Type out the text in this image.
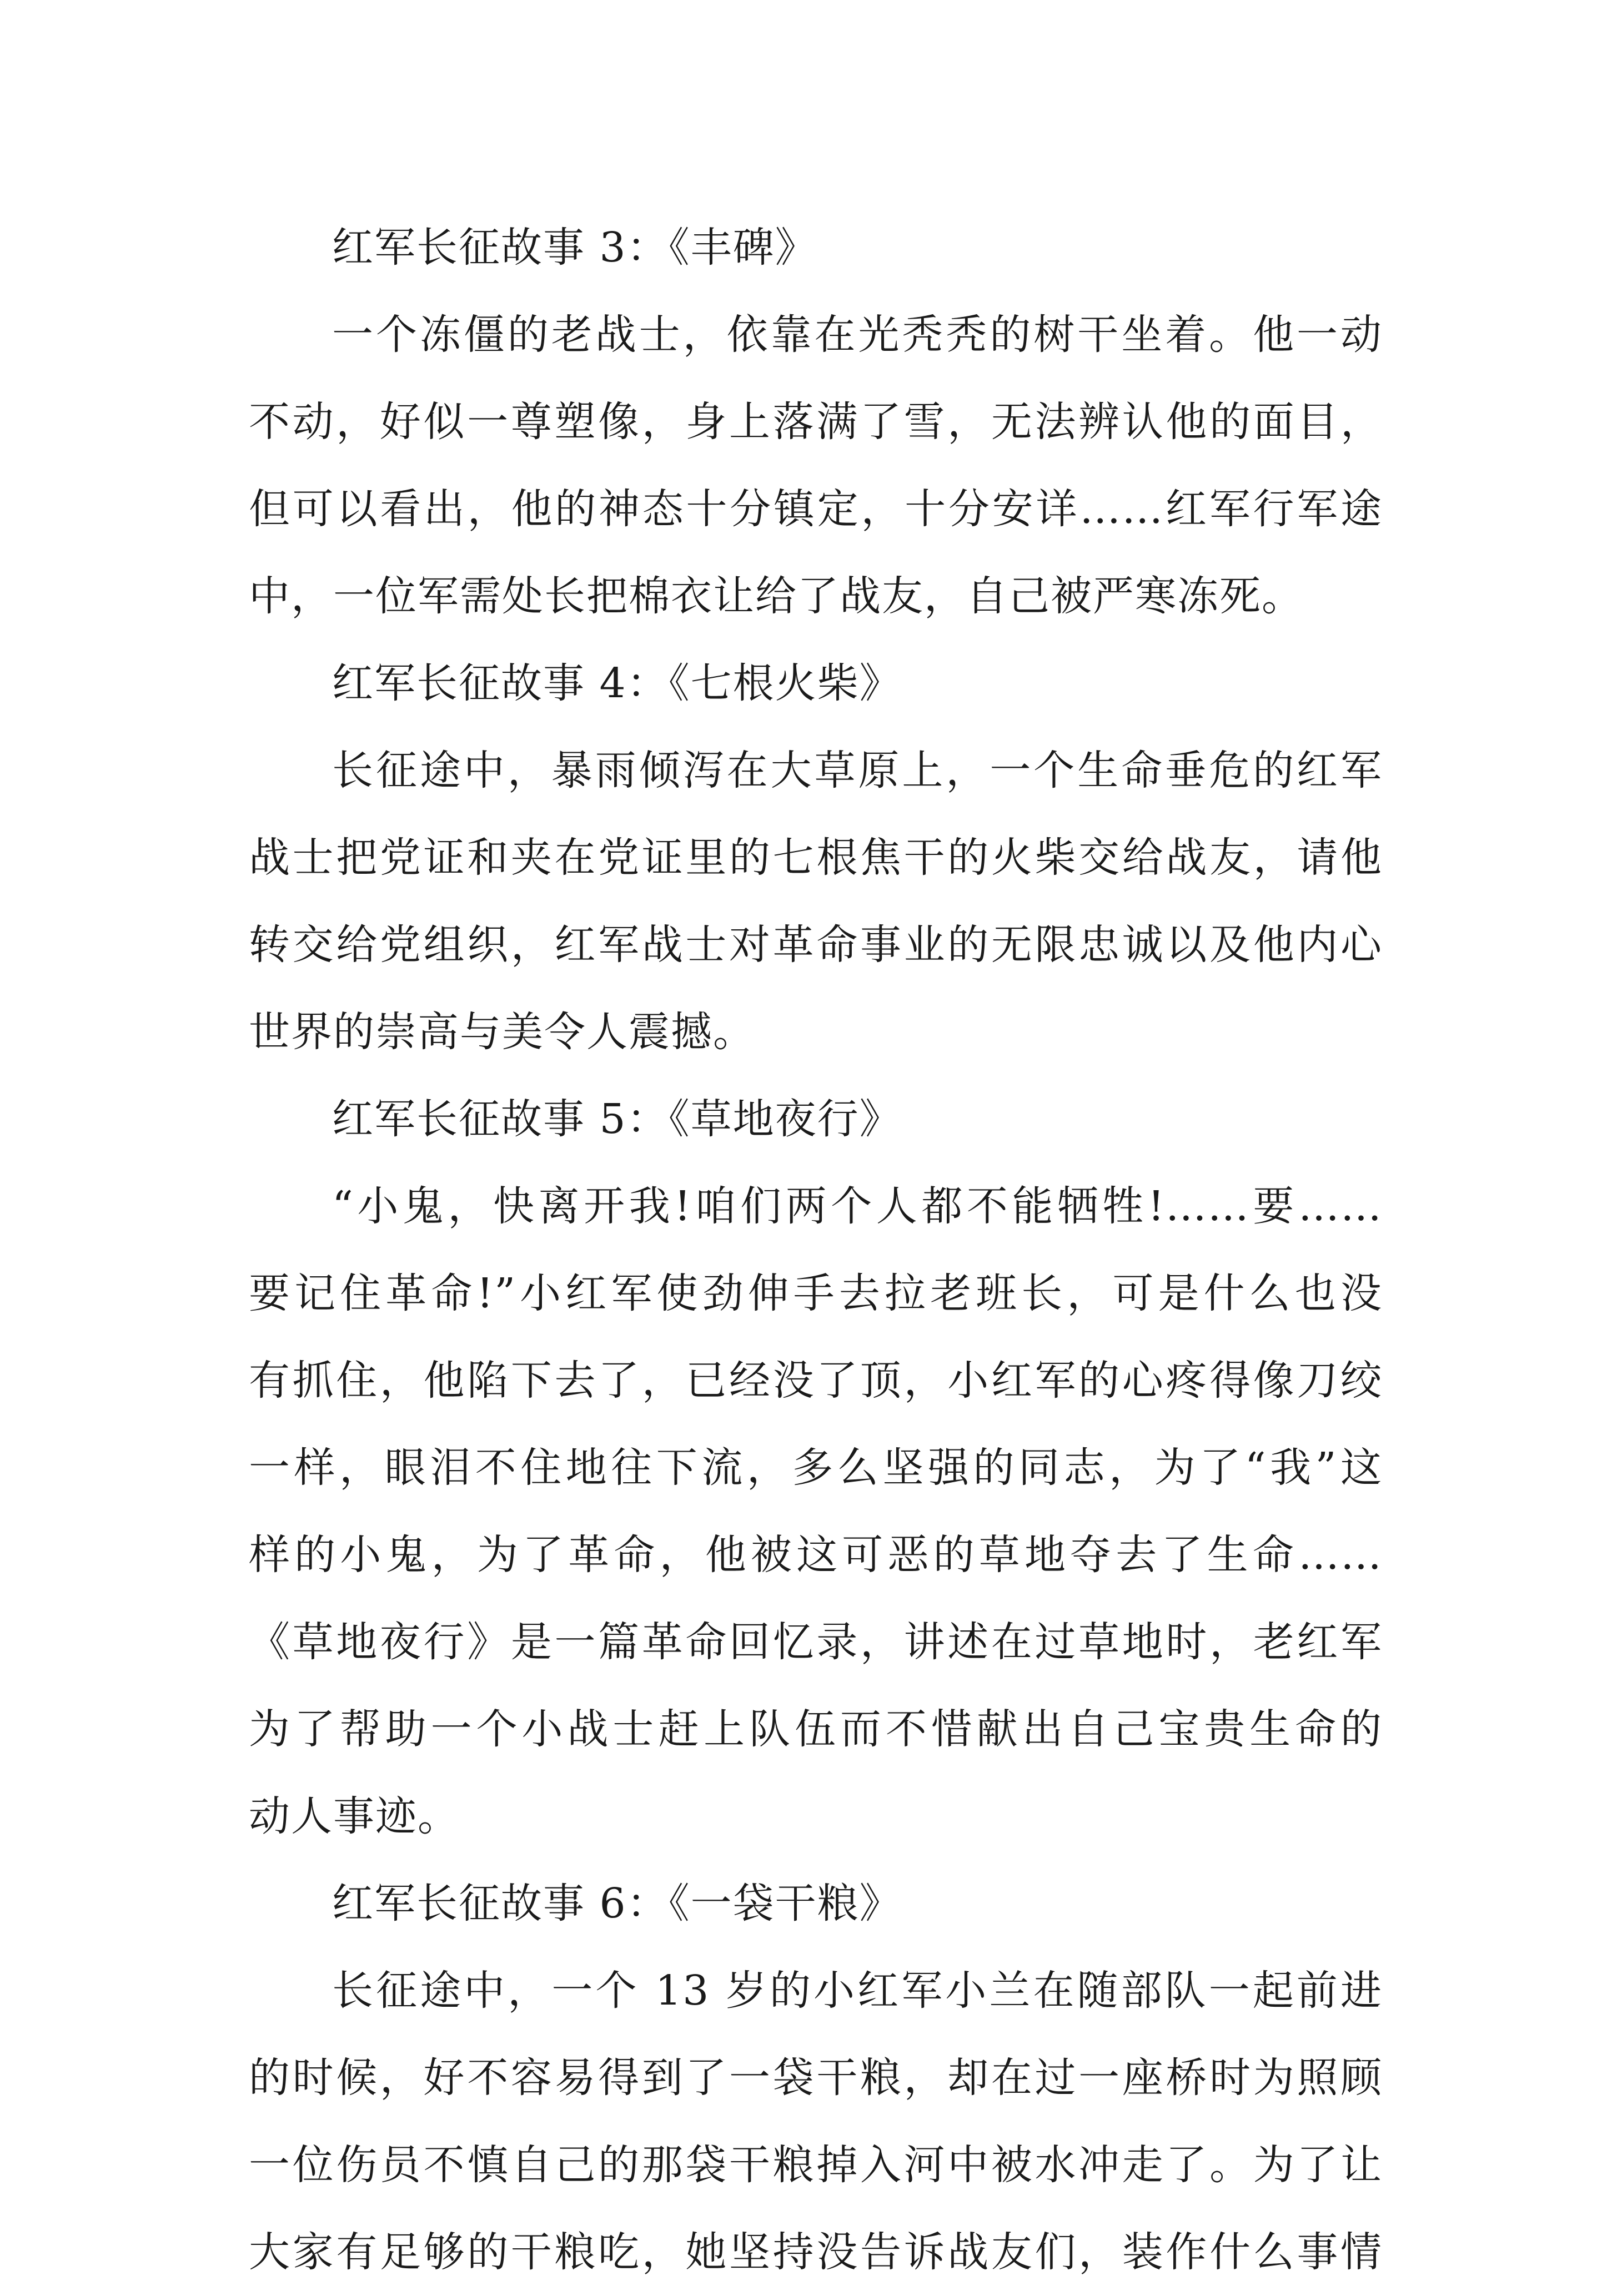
红军长征故事 3：《丰碑》
一个冻僵的老战士，依靠在光秃秃的树干坐着。他一动
不动，好似一尊塑像，身上落满了雪，无法辨认他的面目，
但可以看出，他的神态十分镇定，十分安详……红军行军途
中，一位军需处长把棉衣让给了战友，自己被严寒冻死。
红军长征故事 4：《七根火柴》
长征途中，暴雨倾泻在大草原上，一个生命垂危的红军
战士把党证和夹在党证里的七根焦干的火柴交给战友，请他
转交给党组织，红军战士对革命事业的无限忠诚以及他内心
世界的崇高与美令人震撼。
红军长征故事 5：《草地夜行》
“小鬼，快离开我!咱们两个人都不能牺牲!……要……
要记住革命!”小红军使劲伸手去拉老班长，可是什么也没
有抓住，他陷下去了，已经没了顶，小红军的心疼得像刀绞
一样，眼泪不住地往下流，多么坚强的同志，为了“我”这
样的小鬼，为了革命，他被这可恶的草地夺去了生命……
《草地夜行》是一篇革命回忆录，讲述在过草地时，老红军
为了帮助一个小战士赶上队伍而不惜献出自己宝贵生命的
动人事迹。
红军长征故事 6：《一袋干粮》
长征途中，一个 13 岁的小红军小兰在随部队一起前进
的时候，好不容易得到了一袋干粮，却在过一座桥时为照顾
一位伤员不慎自己的那袋干粮掉入河中被水冲走了。为了让
大家有足够的干粮吃，她坚持没告诉战友们，装作什么事情
